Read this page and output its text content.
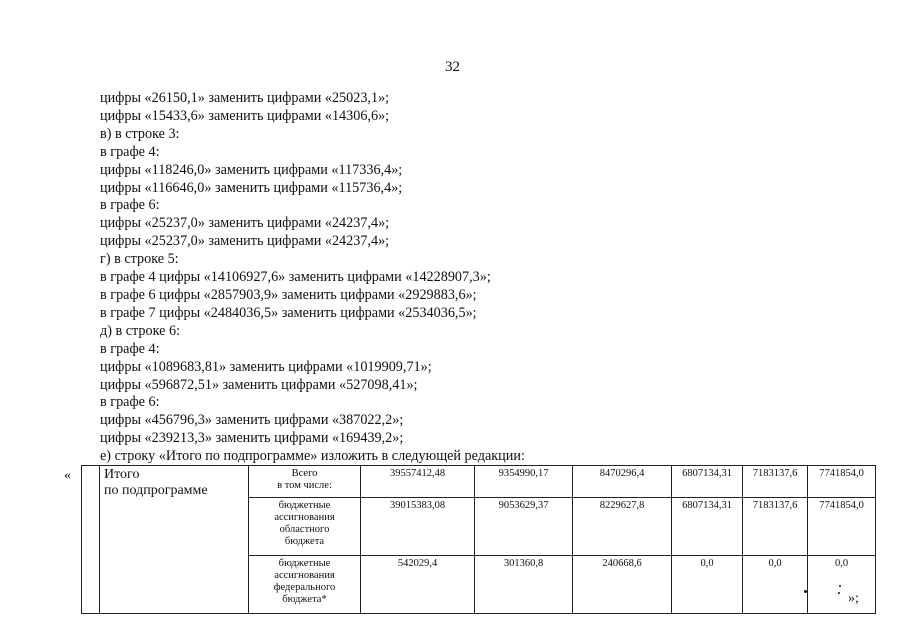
32
цифры «26150,1» заменить цифрами «25023,1»;
цифры «15433,6» заменить цифрами «14306,6»;
в) в строке 3:
в графе 4:
цифры «118246,0» заменить цифрами «117336,4»;
цифры «116646,0» заменить цифрами «115736,4»;
в графе 6:
цифры «25237,0» заменить цифрами «24237,4»;
цифры «25237,0» заменить цифрами «24237,4»;
г) в строке 5:
в графе 4 цифры «14106927,6» заменить цифрами «14228907,3»;
в графе 6 цифры «2857903,9» заменить цифрами «2929883,6»;
в графе 7 цифры «2484036,5» заменить цифрами «2534036,5»;
д) в строке 6:
в графе 4:
цифры «1089683,81» заменить цифрами «1019909,71»;
цифры «596872,51» заменить цифрами «527098,41»;
в графе 6:
цифры «456796,3» заменить цифрами «387022,2»;
цифры «239213,3» заменить цифрами «169439,2»;
е) строку «Итого по подпрограмме» изложить в следующей редакции:
«

	Итого
по подпрограмме	Всего
в том числе:	39557412,48	9354990,17	8470296,4	6807134,31	7183137,6	7741854,0

		бюджетные
ассигнования
областного
бюджета	39015383,08	9053629,37	8229627,8	6807134,31	7183137,6	7741854,0

		бюджетные
ассигнования
федерального
бюджета*	542029,4	301360,8	240668,6	0,0	0,0	0,0
»;
